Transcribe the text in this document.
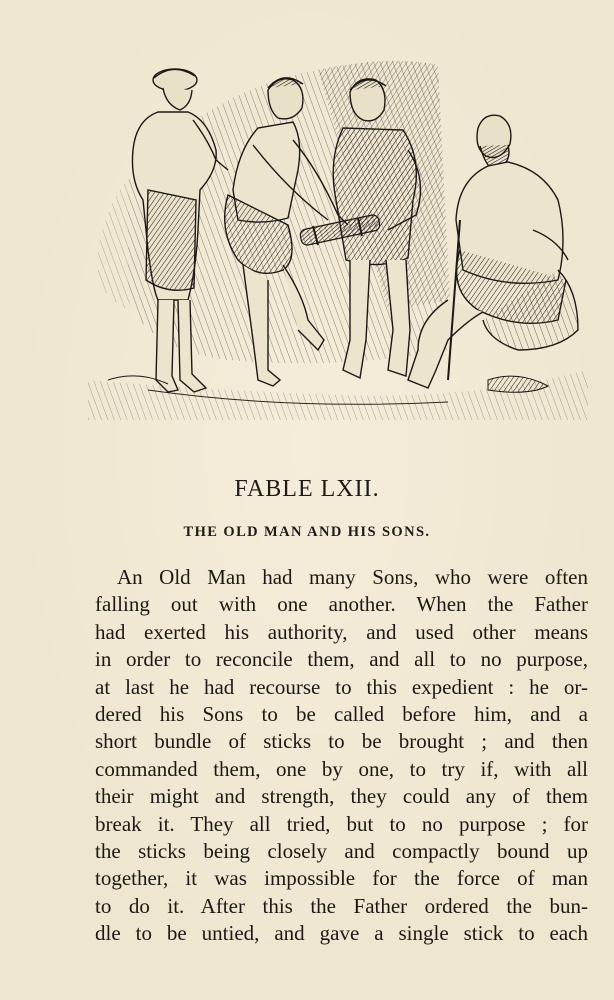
FABLE LXII.
THE OLD MAN AND HIS SONS.
An Old Man had many Sons, who were often
falling out with one another. When the Father
had exerted his authority, and used other means
in order to reconcile them, and all to no purpose,
at last he had recourse to this expedient : he or-
dered his Sons to be called before him, and a
short bundle of sticks to be brought ; and then
commanded them, one by one, to try if, with all
their might and strength, they could any of them
break it. They all tried, but to no purpose ; for
the sticks being closely and compactly bound up
together, it was impossible for the force of man
to do it. After this the Father ordered the bun-
dle to be untied, and gave a single stick to each
